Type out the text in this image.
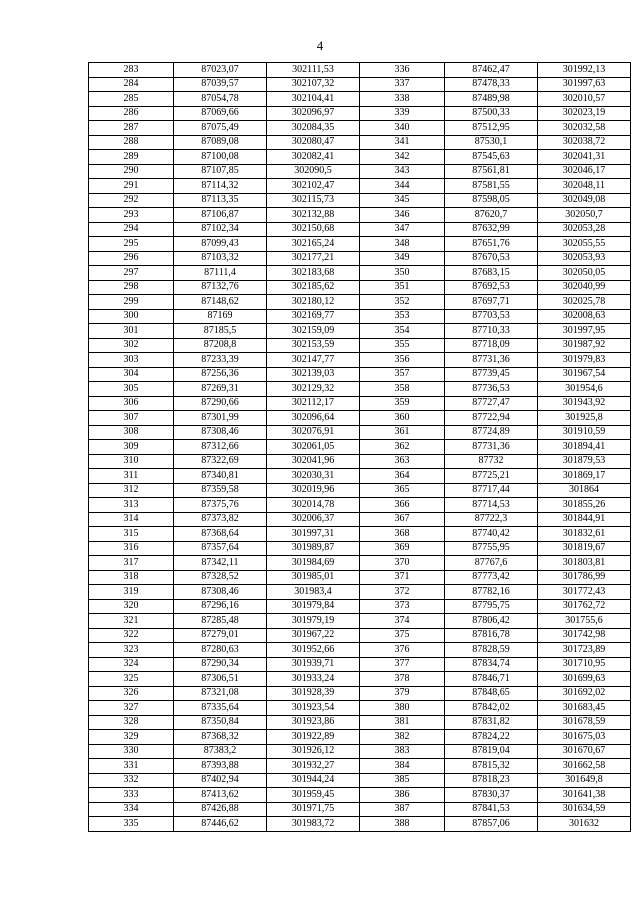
4
283	87023,07	302111,53	336	87462,47	301992,13
284	87039,57	302107,32	337	87478,33	301997,63
285	87054,78	302104,41	338	87489,98	302010,57
286	87069,66	302096,97	339	87500,33	302023,19
287	87075,49	302084,35	340	87512,95	302032,58
288	87089,08	302080,47	341	87530,1	302038,72
289	87100,08	302082,41	342	87545,63	302041,31
290	87107,85	302090,5	343	87561,81	302046,17
291	87114,32	302102,47	344	87581,55	302048,11
292	87113,35	302115,73	345	87598,05	302049,08
293	87106,87	302132,88	346	87620,7	302050,7
294	87102,34	302150,68	347	87632,99	302053,28
295	87099,43	302165,24	348	87651,76	302055,55
296	87103,32	302177,21	349	87670,53	302053,93
297	87111,4	302183,68	350	87683,15	302050,05
298	87132,76	302185,62	351	87692,53	302040,99
299	87148,62	302180,12	352	87697,71	302025,78
300	87169	302169,77	353	87703,53	302008,63
301	87185,5	302159,09	354	87710,33	301997,95
302	87208,8	302153,59	355	87718,09	301987,92
303	87233,39	302147,77	356	87731,36	301979,83
304	87256,36	302139,03	357	87739,45	301967,54
305	87269,31	302129,32	358	87736,53	301954,6
306	87290,66	302112,17	359	87727,47	301943,92
307	87301,99	302096,64	360	87722,94	301925,8
308	87308,46	302076,91	361	87724,89	301910,59
309	87312,66	302061,05	362	87731,36	301894,41
310	87322,69	302041,96	363	87732	301879,53
311	87340,81	302030,31	364	87725,21	301869,17
312	87359,58	302019,96	365	87717,44	301864
313	87375,76	302014,78	366	87714,53	301855,26
314	87373,82	302006,37	367	87722,3	301844,91
315	87368,64	301997,31	368	87740,42	301832,61
316	87357,64	301989,87	369	87755,95	301819,67
317	87342,11	301984,69	370	87767,6	301803,81
318	87328,52	301985,01	371	87773,42	301786,99
319	87308,46	301983,4	372	87782,16	301772,43
320	87296,16	301979,84	373	87795,75	301762,72
321	87285,48	301979,19	374	87806,42	301755,6
322	87279,01	301967,22	375	87816,78	301742,98
323	87280,63	301952,66	376	87828,59	301723,89
324	87290,34	301939,71	377	87834,74	301710,95
325	87306,51	301933,24	378	87846,71	301699,63
326	87321,08	301928,39	379	87848,65	301692,02
327	87335,64	301923,54	380	87842,02	301683,45
328	87350,84	301923,86	381	87831,82	301678,59
329	87368,32	301922,89	382	87824,22	301675,03
330	87383,2	301926,12	383	87819,04	301670,67
331	87393,88	301932,27	384	87815,32	301662,58
332	87402,94	301944,24	385	87818,23	301649,8
333	87413,62	301959,45	386	87830,37	301641,38
334	87426,88	301971,75	387	87841,53	301634,59
335	87446,62	301983,72	388	87857,06	301632
